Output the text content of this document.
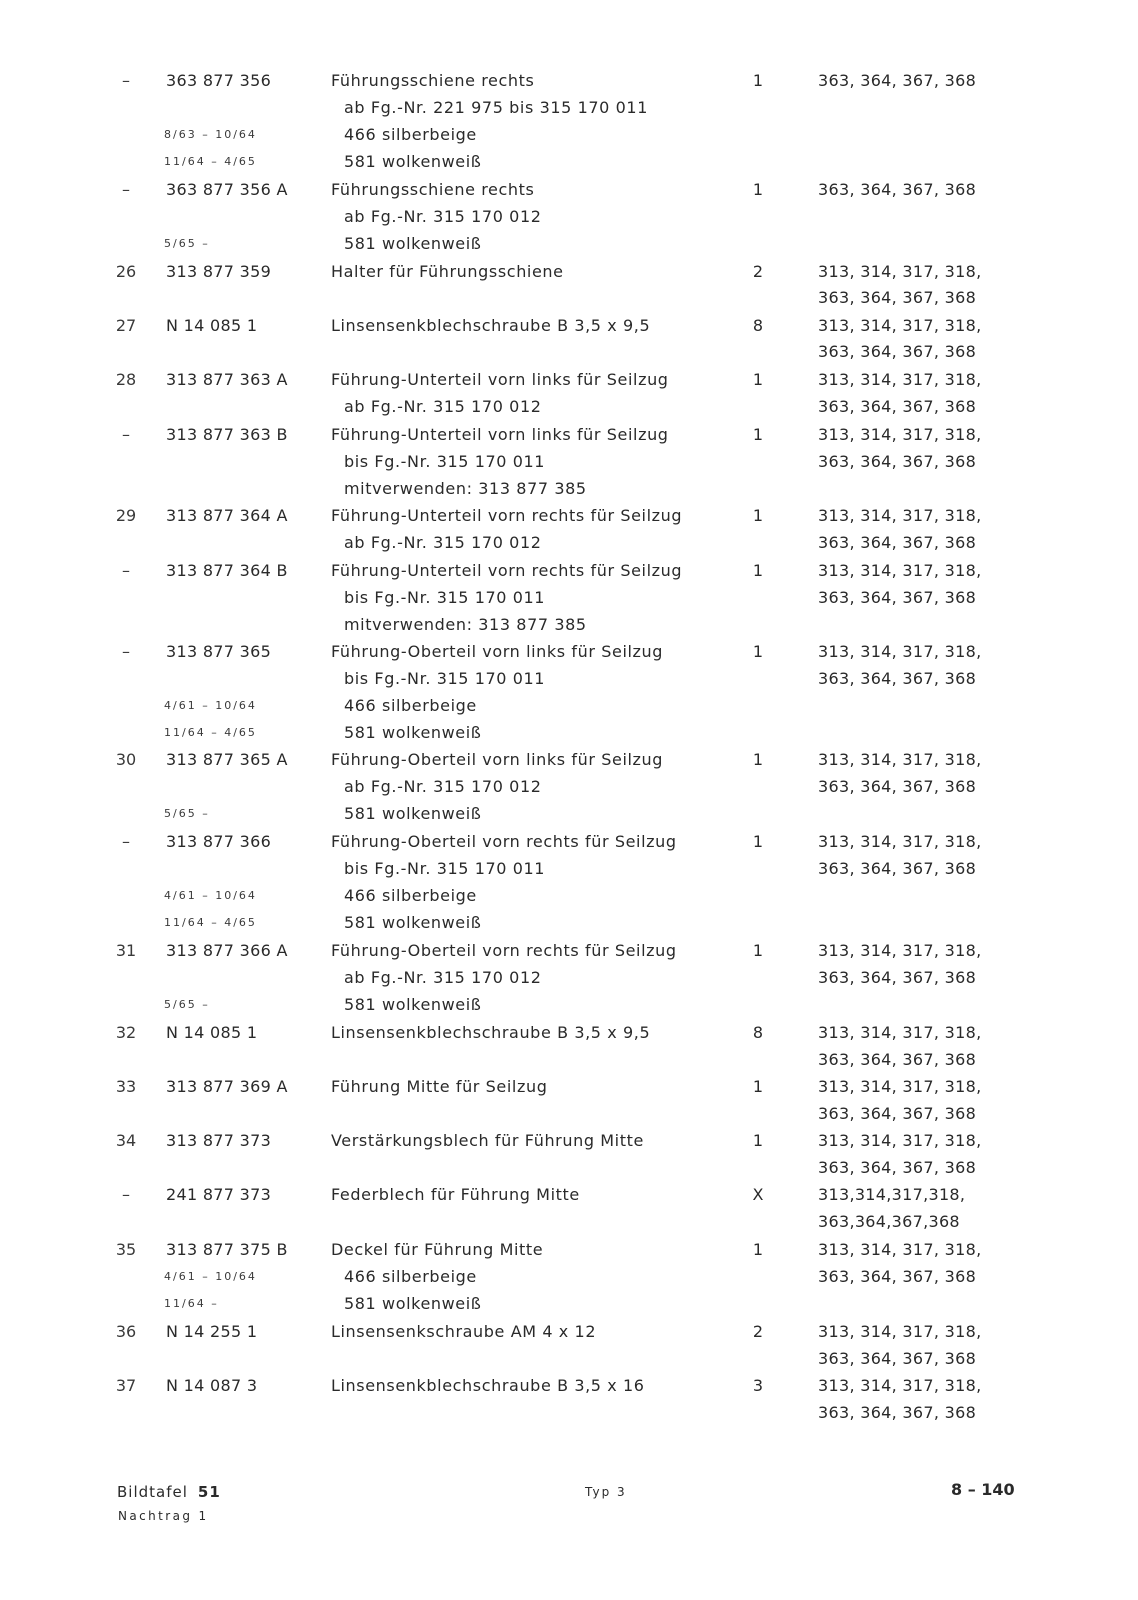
–	363 877 356	Führungsschiene rechts	1	363, 364, 367, 368
ab Fg.-Nr. 221 975 bis 315 170 011
8/63 – 10/64	466 silberbeige
11/64 – 4/65	581 wolkenweiß
–	363 877 356 A	Führungsschiene rechts	1	363, 364, 367, 368
ab Fg.-Nr. 315 170 012
5/65 –	581 wolkenweiß
26	313 877 359	Halter für Führungsschiene	2	313, 314, 317, 318,
363, 364, 367, 368
27	N 14 085 1	Linsensenkblechschraube B 3,5 x 9,5	8	313, 314, 317, 318,
363, 364, 367, 368
28	313 877 363 A	Führung-Unterteil vorn links für Seilzug	1	313, 314, 317, 318,
ab Fg.-Nr. 315 170 012	363, 364, 367, 368
–	313 877 363 B	Führung-Unterteil vorn links für Seilzug	1	313, 314, 317, 318,
bis Fg.-Nr. 315 170 011	363, 364, 367, 368
mitverwenden: 313 877 385
29	313 877 364 A	Führung-Unterteil vorn rechts für Seilzug	1	313, 314, 317, 318,
ab Fg.-Nr. 315 170 012	363, 364, 367, 368
–	313 877 364 B	Führung-Unterteil vorn rechts für Seilzug	1	313, 314, 317, 318,
bis Fg.-Nr. 315 170 011	363, 364, 367, 368
mitverwenden: 313 877 385
–	313 877 365	Führung-Oberteil vorn links für Seilzug	1	313, 314, 317, 318,
bis Fg.-Nr. 315 170 011	363, 364, 367, 368
4/61 – 10/64	466 silberbeige
11/64 – 4/65	581 wolkenweiß
30	313 877 365 A	Führung-Oberteil vorn links für Seilzug	1	313, 314, 317, 318,
ab Fg.-Nr. 315 170 012	363, 364, 367, 368
5/65 –	581 wolkenweiß
–	313 877 366	Führung-Oberteil vorn rechts für Seilzug	1	313, 314, 317, 318,
bis Fg.-Nr. 315 170 011	363, 364, 367, 368
4/61 – 10/64	466 silberbeige
11/64 – 4/65	581 wolkenweiß
31	313 877 366 A	Führung-Oberteil vorn rechts für Seilzug	1	313, 314, 317, 318,
ab Fg.-Nr. 315 170 012	363, 364, 367, 368
5/65 –	581 wolkenweiß
32	N 14 085 1	Linsensenkblechschraube B 3,5 x 9,5	8	313, 314, 317, 318,
363, 364, 367, 368
33	313 877 369 A	Führung Mitte für Seilzug	1	313, 314, 317, 318,
363, 364, 367, 368
34	313 877 373	Verstärkungsblech für Führung Mitte	1	313, 314, 317, 318,
363, 364, 367, 368
–	241 877 373	Federblech für Führung Mitte	X	313,314,317,318,
363,364,367,368
35	313 877 375 B	Deckel für Führung Mitte	1	313, 314, 317, 318,
4/61 – 10/64	466 silberbeige	363, 364, 367, 368
11/64 –	581 wolkenweiß
36	N 14 255 1	Linsensenkschraube AM 4 x 12	2	313, 314, 317, 318,
363, 364, 367, 368
37	N 14 087 3	Linsensenkblechschraube B 3,5 x 16	3	313, 314, 317, 318,
363, 364, 367, 368
Bildtafel 51
Nachtrag 1
Typ 3	8 – 140
